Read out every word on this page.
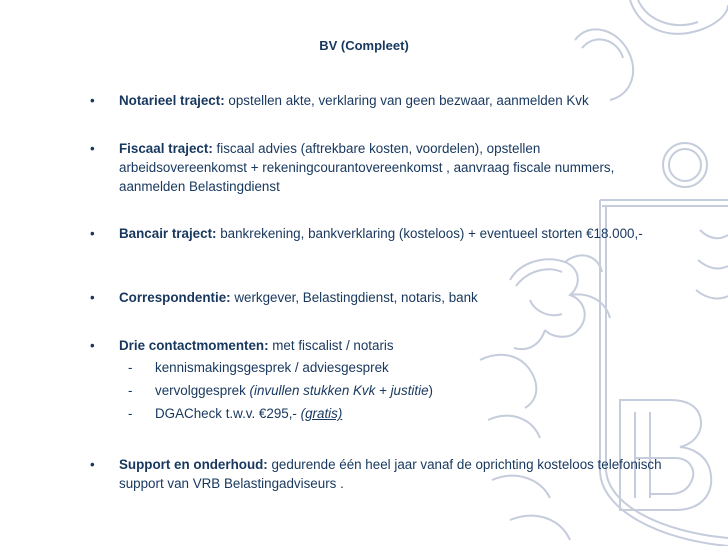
BV (Compleet)
• Notarieel traject: opstellen akte, verklaring van geen bezwaar, aanmelden Kvk
• Fiscaal traject: fiscaal advies (aftrekbare kosten, voordelen), opstellen arbeidsovereenkomst + rekeningcourantovereenkomst , aanvraag fiscale nummers, aanmelden Belastingdienst
• Bancair traject: bankrekening, bankverklaring (kosteloos) + eventueel storten €18.000,-
• Correspondentie: werkgever, Belastingdienst, notaris, bank
• Drie contactmomenten: met fiscalist / notaris
- kennismakingsgesprek / adviesgesprek
- vervolggesprek (invullen stukken Kvk + justitie)
- DGACheck t.w.v. €295,- (gratis)
• Support en onderhoud: gedurende één heel jaar vanaf de oprichting kosteloos telefonisch support van VRB Belastingadviseurs .
